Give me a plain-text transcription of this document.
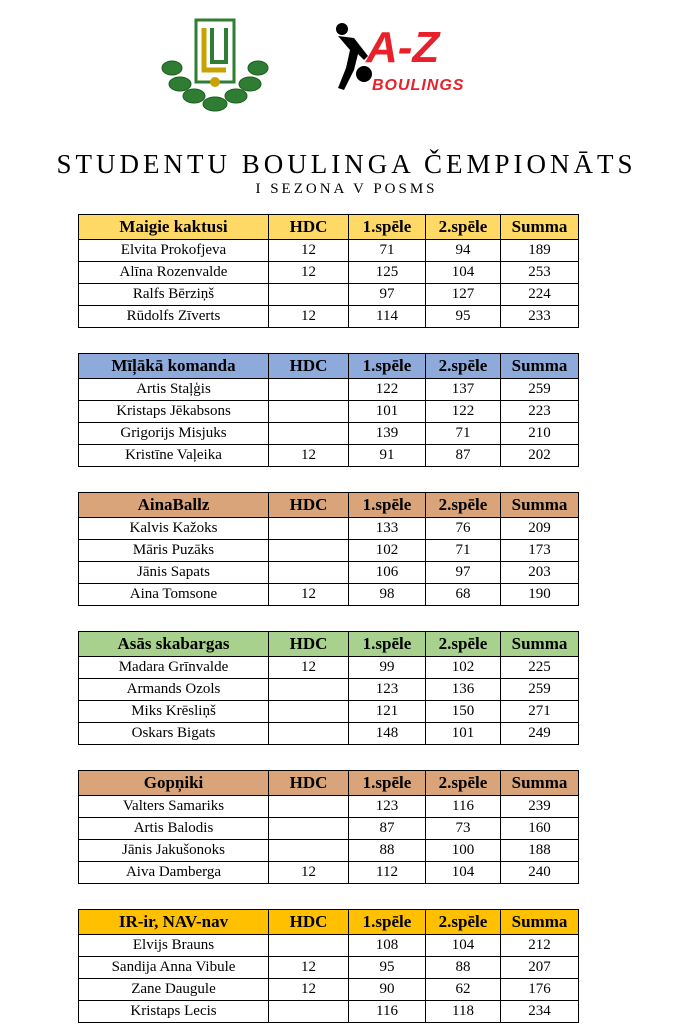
A-Z
BOULINGS
STUDENTU BOULINGA ČEMPIONĀTS
I SEZONA V POSMS
Maigie kaktusi	HDC	1.spēle	2.spēle	Summa
Elvita Prokofjeva	12	71	94	189
Alīna Rozenvalde	12	125	104	253
Ralfs Bērziņš		97	127	224
Rūdolfs Zīverts	12	114	95	233
Mīļākā komanda	HDC	1.spēle	2.spēle	Summa
Artis Staļģis		122	137	259
Kristaps Jēkabsons		101	122	223
Grigorijs Misjuks		139	71	210
Kristīne Vaļeika	12	91	87	202
AinaBallz	HDC	1.spēle	2.spēle	Summa
Kalvis Kažoks		133	76	209
Māris Puzāks		102	71	173
Jānis Sapats		106	97	203
Aina Tomsone	12	98	68	190
Asās skabargas	HDC	1.spēle	2.spēle	Summa
Madara Grīnvalde	12	99	102	225
Armands Ozols		123	136	259
Miks Krēsliņš		121	150	271
Oskars Bigats		148	101	249
Gopņiki	HDC	1.spēle	2.spēle	Summa
Valters Samariks		123	116	239
Artis Balodis		87	73	160
Jānis Jakušonoks		88	100	188
Aiva Damberga	12	112	104	240
IR-ir, NAV-nav	HDC	1.spēle	2.spēle	Summa
Elvijs Brauns		108	104	212
Sandija Anna Vibule	12	95	88	207
Zane Daugule	12	90	62	176
Kristaps Lecis		116	118	234
